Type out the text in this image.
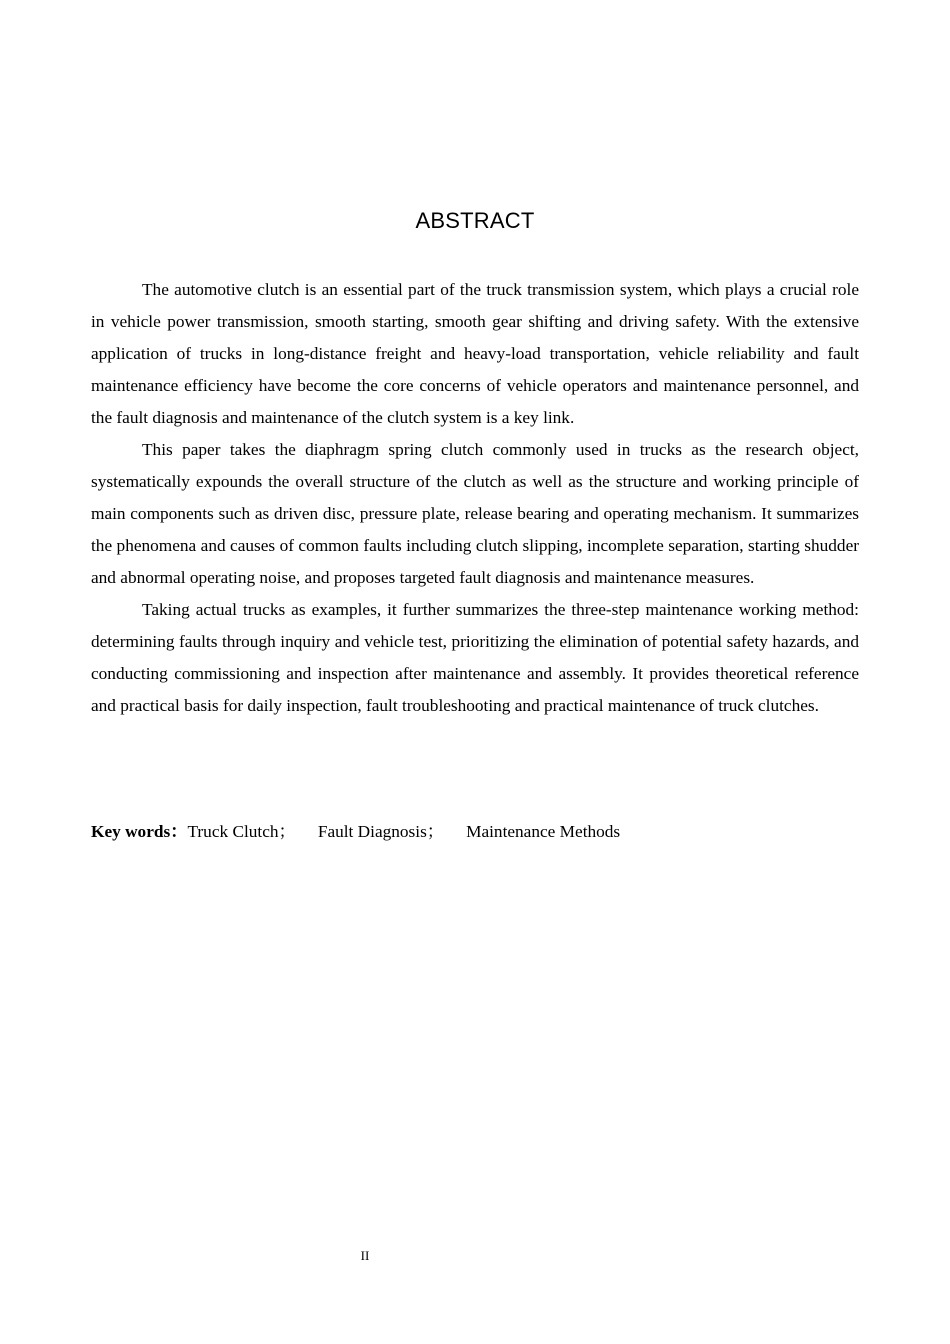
ABSTRACT

The automotive clutch is an essential part of the truck transmission system, which plays a crucial role in vehicle power transmission, smooth starting, smooth gear shifting and driving safety. With the extensive application of trucks in long-distance freight and heavy-load transportation, vehicle reliability and fault maintenance efficiency have become the core concerns of vehicle operators and maintenance personnel, and the fault diagnosis and maintenance of the clutch system is a key link.

This paper takes the diaphragm spring clutch commonly used in trucks as the research object, systematically expounds the overall structure of the clutch as well as the structure and working principle of main components such as driven disc, pressure plate, release bearing and operating mechanism. It summarizes the phenomena and causes of common faults including clutch slipping, incomplete separation, starting shudder and abnormal operating noise, and proposes targeted fault diagnosis and maintenance measures.

Taking actual trucks as examples, it further summarizes the three-step maintenance working method: determining faults through inquiry and vehicle test, prioritizing the elimination of potential safety hazards, and conducting commissioning and inspection after maintenance and assembly. It provides theoretical reference and practical basis for daily inspection, fault troubleshooting and practical maintenance of truck clutches.

Key words：Truck Clutch； Fault Diagnosis； Maintenance Methods
II
